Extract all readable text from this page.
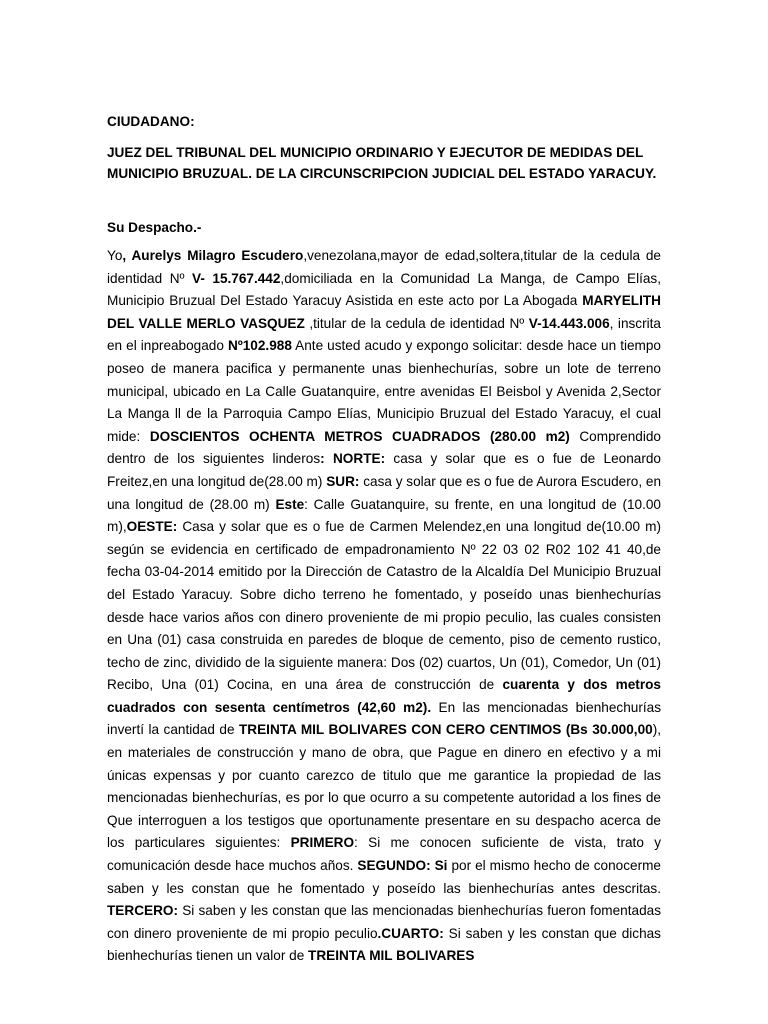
CIUDADANO:

JUEZ DEL TRIBUNAL DEL MUNICIPIO ORDINARIO Y EJECUTOR DE MEDIDAS DEL MUNICIPIO BRUZUAL. DE LA CIRCUNSCRIPCION JUDICIAL DEL ESTADO YARACUY.

Su Despacho.-

Yo, Aurelys Milagro Escudero,venezolana,mayor de edad,soltera,titular de la cedula de identidad Nº V- 15.767.442,domiciliada en la Comunidad La Manga, de Campo Elías, Municipio Bruzual Del Estado Yaracuy Asistida en este acto por La Abogada MARYELITH DEL VALLE MERLO VASQUEZ ,titular de la cedula de identidad Nº V-14.443.006, inscrita en el inpreabogado Nº102.988 Ante usted acudo y expongo solicitar: desde hace un tiempo poseo de manera pacifica y permanente unas bienhechurías, sobre un lote de terreno municipal, ubicado en La Calle Guatanquire, entre avenidas El Beisbol y Avenida 2,Sector La Manga ll de la Parroquia Campo Elías, Municipio Bruzual del Estado Yaracuy, el cual mide: DOSCIENTOS OCHENTA METROS CUADRADOS (280.00 m2) Comprendido dentro de los siguientes linderos: NORTE: casa y solar que es o fue de Leonardo Freitez,en una longitud de(28.00 m) SUR: casa y solar que es o fue de Aurora Escudero, en una longitud de (28.00 m) Este: Calle Guatanquire, su frente, en una longitud de (10.00 m),OESTE: Casa y solar que es o fue de Carmen Melendez,en una longitud de(10.00 m) según se evidencia en certificado de empadronamiento Nº 22 03 02 R02 102 41 40,de fecha 03-04-2014 emitido por la Dirección de Catastro de la Alcaldía Del Municipio Bruzual del Estado Yaracuy. Sobre dicho terreno he fomentado, y poseído unas bienhechurías desde hace varios años con dinero proveniente de mi propio peculio, las cuales consisten en Una (01) casa construida en paredes de bloque de cemento, piso de cemento rustico, techo de zinc, dividido de la siguiente manera: Dos (02) cuartos, Un (01), Comedor, Un (01) Recibo, Una (01) Cocina, en una área de construcción de cuarenta y dos metros cuadrados con sesenta centímetros (42,60 m2). En las mencionadas bienhechurías invertí la cantidad de TREINTA MIL BOLIVARES CON CERO CENTIMOS (Bs 30.000,00), en materiales de construcción y mano de obra, que Pague en dinero en efectivo y a mi únicas expensas y por cuanto carezco de titulo que me garantice la propiedad de las mencionadas bienhechurías, es por lo que ocurro a su competente autoridad a los fines de Que interroguen a los testigos que oportunamente presentare en su despacho acerca de los particulares siguientes: PRIMERO: Si me conocen suficiente de vista, trato y comunicación desde hace muchos años. SEGUNDO: Si por el mismo hecho de conocerme saben y les constan que he fomentado y poseído las bienhechurías antes descritas. TERCERO: Si saben y les constan que las mencionadas bienhechurías fueron fomentadas con dinero proveniente de mi propio peculio.CUARTO: Si saben y les constan que dichas bienhechurías tienen un valor de TREINTA MIL BOLIVARES
